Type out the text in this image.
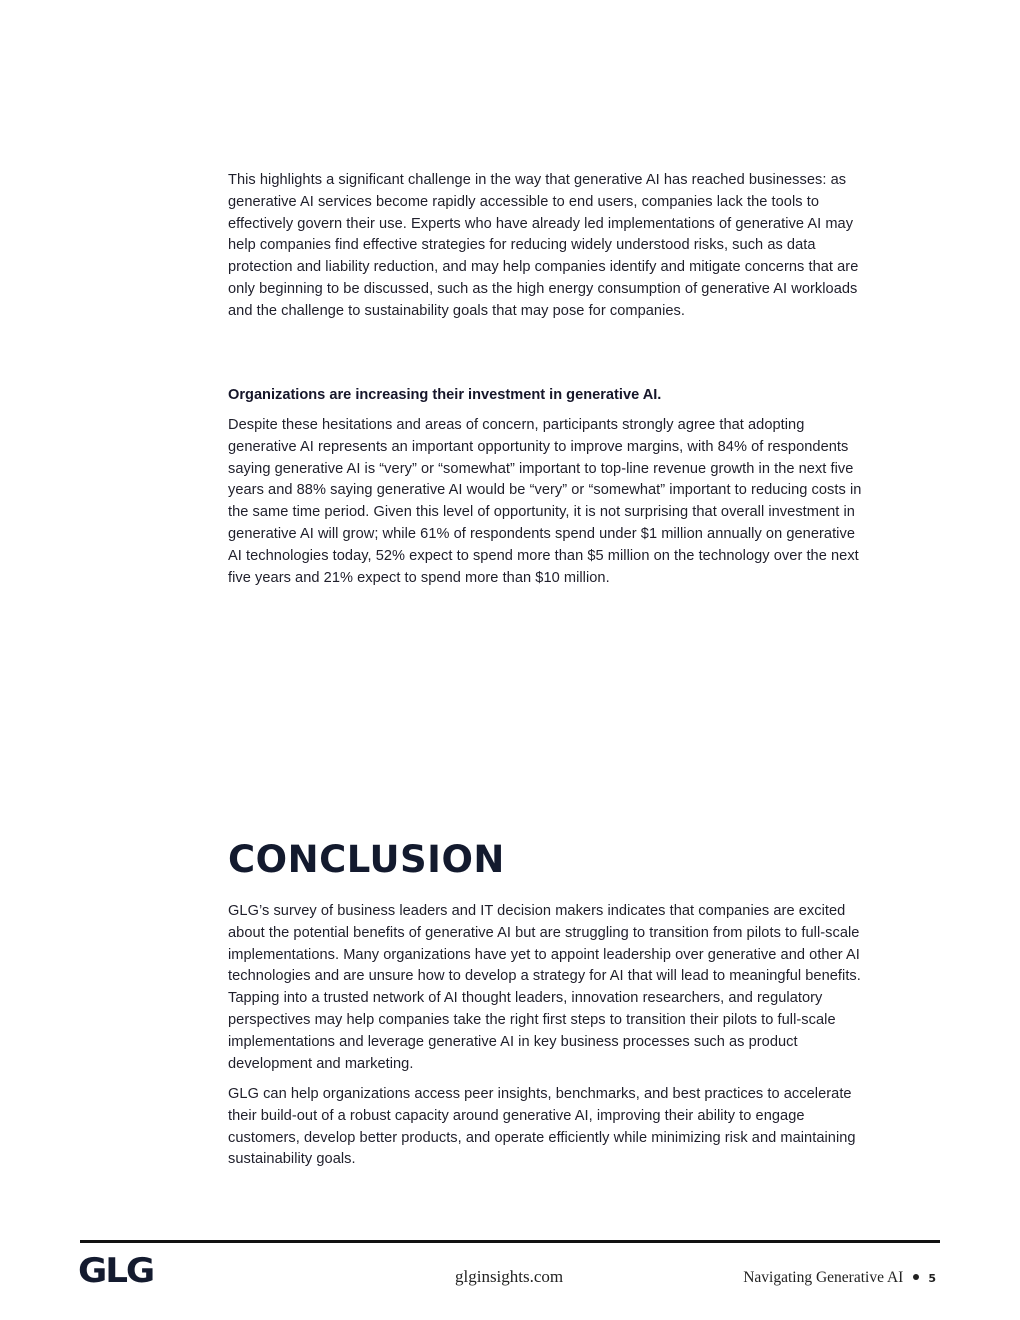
This highlights a significant challenge in the way that generative AI has reached businesses: as generative AI services become rapidly accessible to end users, companies lack the tools to effectively govern their use. Experts who have already led implementations of generative AI may help companies find effective strategies for reducing widely understood risks, such as data protection and liability reduction, and may help companies identify and mitigate concerns that are only beginning to be discussed, such as the high energy consumption of generative AI workloads and the challenge to sustainability goals that may pose for companies.

Organizations are increasing their investment in generative AI.

Despite these hesitations and areas of concern, participants strongly agree that adopting generative AI represents an important opportunity to improve margins, with 84% of respondents saying generative AI is “very” or “somewhat” important to top-line revenue growth in the next five years and 88% saying generative AI would be “very” or “somewhat” important to reducing costs in the same time period. Given this level of opportunity, it is not surprising that overall investment in generative AI will grow; while 61% of respondents spend under $1 million annually on generative AI technologies today, 52% expect to spend more than $5 million on the technology over the next five years and 21% expect to spend more than $10 million.

CONCLUSION

GLG’s survey of business leaders and IT decision makers indicates that companies are excited about the potential benefits of generative AI but are struggling to transition from pilots to full-scale implementations. Many organizations have yet to appoint leadership over generative and other AI technologies and are unsure how to develop a strategy for AI that will lead to meaningful benefits. Tapping into a trusted network of AI thought leaders, innovation researchers, and regulatory perspectives may help companies take the right first steps to transition their pilots to full-scale implementations and leverage generative AI in key business processes such as product development and marketing.

GLG can help organizations access peer insights, benchmarks, and best practices to accelerate their build-out of a robust capacity around generative AI, improving their ability to engage customers, develop better products, and operate efficiently while minimizing risk and maintaining sustainability goals.

GLG	glginsights.com	Navigating Generative AI 5
